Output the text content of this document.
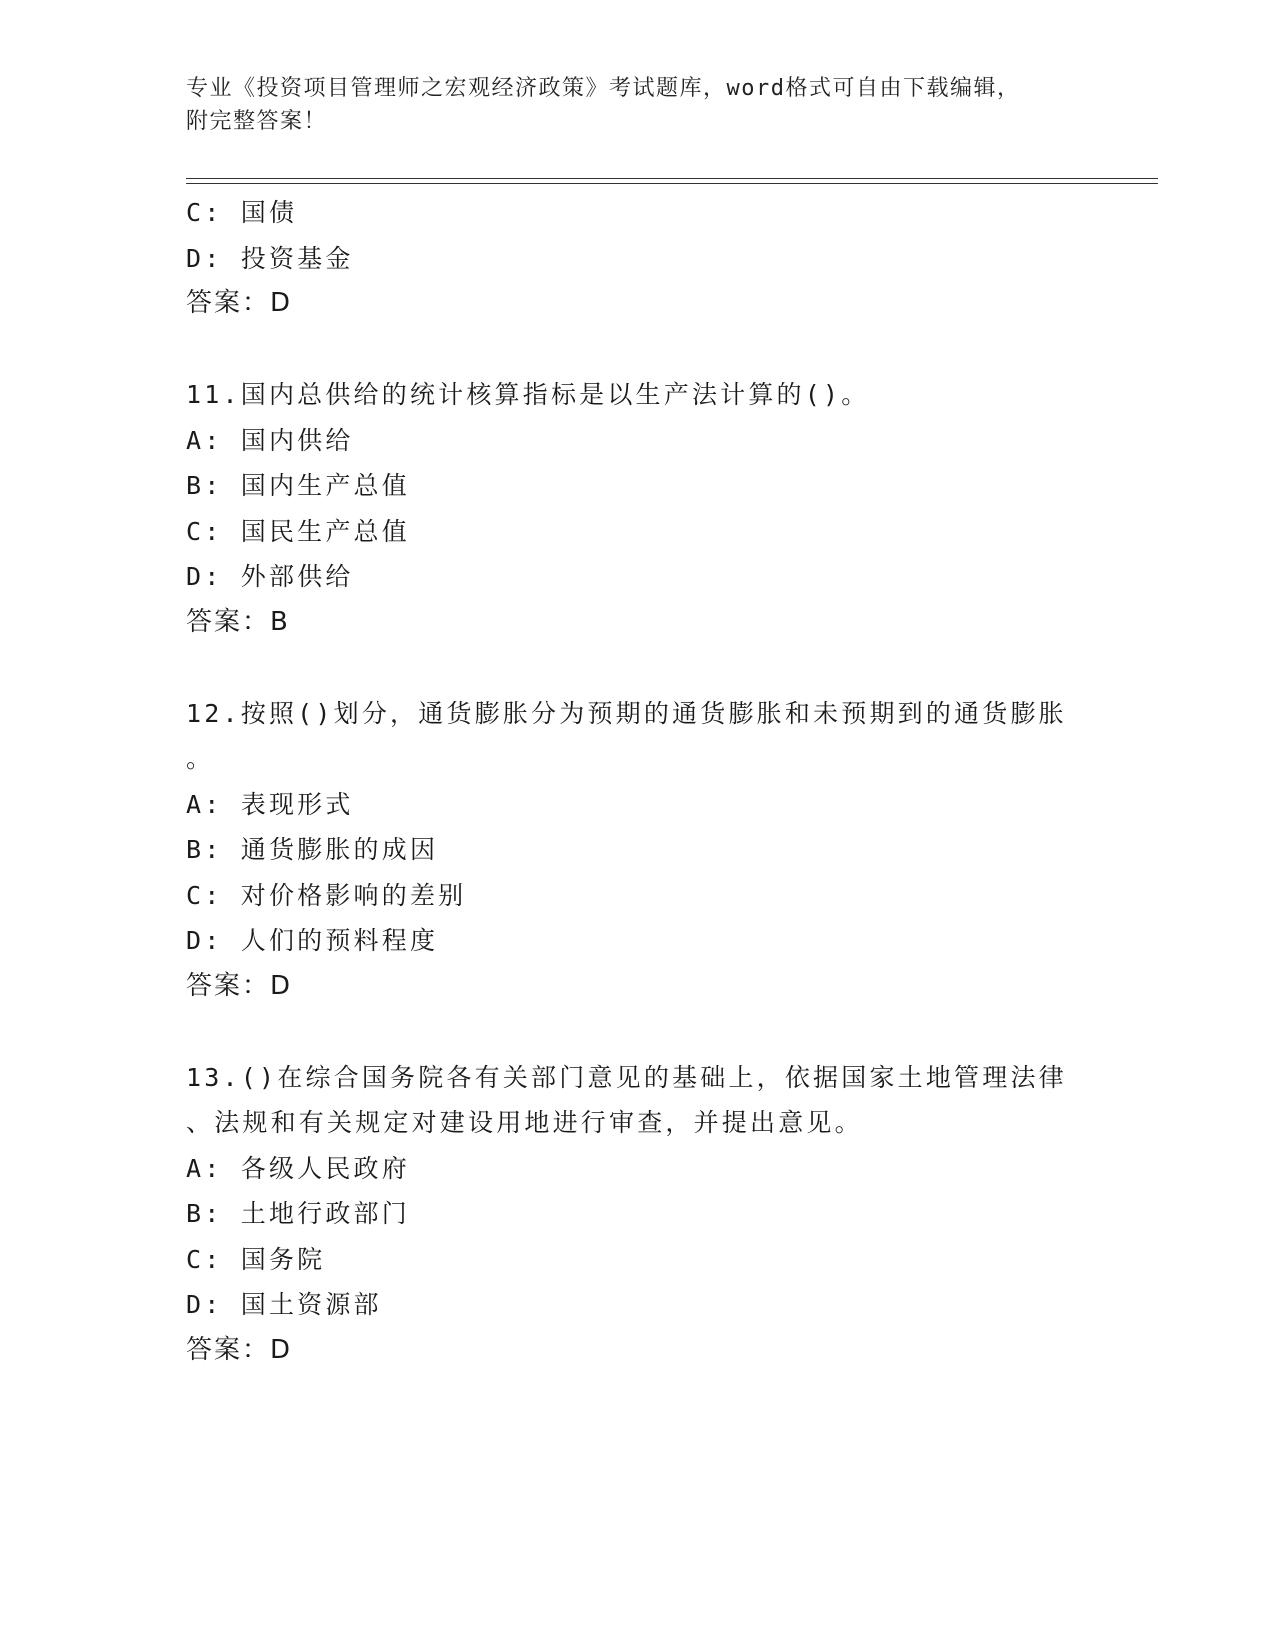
专业《投资项目管理师之宏观经济政策》考试题库，word格式可自由下载编辑，
附完整答案！
C: 国债
D: 投资基金
答案：D
11.国内总供给的统计核算指标是以生产法计算的()。
A: 国内供给
B: 国内生产总值
C: 国民生产总值
D: 外部供给
答案：B
12.按照()划分，通货膨胀分为预期的通货膨胀和未预期到的通货膨胀
。
A: 表现形式
B: 通货膨胀的成因
C: 对价格影响的差别
D: 人们的预料程度
答案：D
13.()在综合国务院各有关部门意见的基础上，依据国家土地管理法律
、法规和有关规定对建设用地进行审查，并提出意见。
A: 各级人民政府
B: 土地行政部门
C: 国务院
D: 国土资源部
答案：D
